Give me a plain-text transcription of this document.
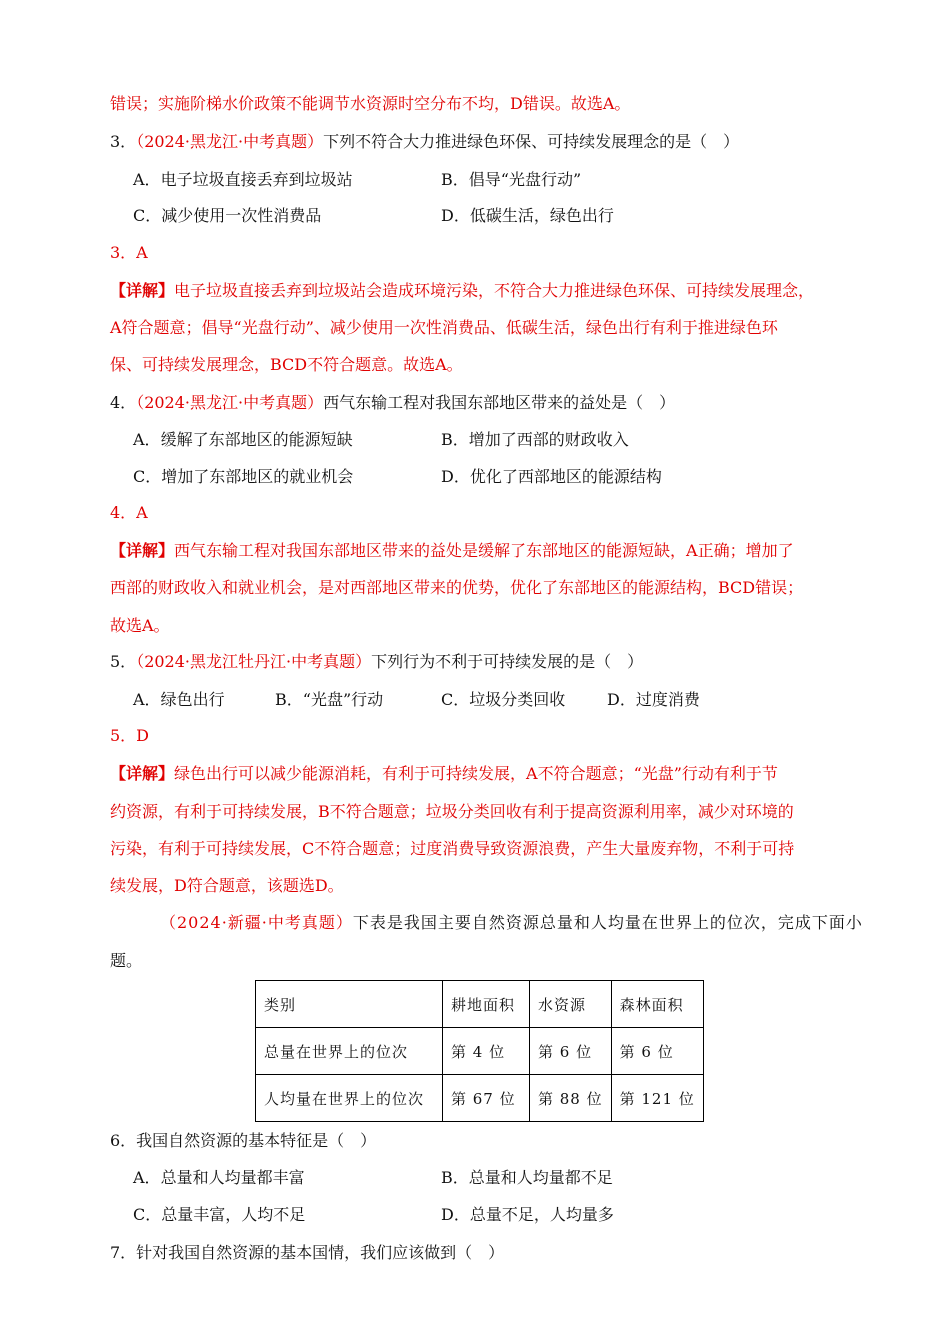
错误；实施阶梯水价政策不能调节水资源时空分布不均，D错误。故选A。
3．（2024·黑龙江·中考真题）下列不符合大力推进绿色环保、可持续发展理念的是（　）
A．电子垃圾直接丢弃到垃圾站	B．倡导“光盘行动”
C．减少使用一次性消费品	D．低碳生活，绿色出行
3．A
【详解】电子垃圾直接丢弃到垃圾站会造成环境污染，不符合大力推进绿色环保、可持续发展理念，
A符合题意；倡导“光盘行动”、减少使用一次性消费品、低碳生活，绿色出行有利于推进绿色环
保、可持续发展理念，BCD不符合题意。故选A。
4．（2024·黑龙江·中考真题）西气东输工程对我国东部地区带来的益处是（　）
A．缓解了东部地区的能源短缺	B．增加了西部的财政收入
C．增加了东部地区的就业机会	D．优化了西部地区的能源结构
4．A
【详解】西气东输工程对我国东部地区带来的益处是缓解了东部地区的能源短缺，A正确；增加了
西部的财政收入和就业机会，是对西部地区带来的优势，优化了东部地区的能源结构，BCD错误；
故选A。
5．（2024·黑龙江牡丹江·中考真题）下列行为不利于可持续发展的是（　）
A．绿色出行	B．“光盘”行动	C．垃圾分类回收	D．过度消费
5．D
【详解】绿色出行可以减少能源消耗，有利于可持续发展，A不符合题意；“光盘”行动有利于节
约资源，有利于可持续发展，B不符合题意；垃圾分类回收有利于提高资源利用率，减少对环境的
污染，有利于可持续发展，C不符合题意；过度消费导致资源浪费，产生大量废弃物，不利于可持
续发展，D符合题意，该题选D。
（2024·新疆·中考真题）下表是我国主要自然资源总量和人均量在世界上的位次，完成下面小
题。
类别	耕地面积	水资源	森林面积
总量在世界上的位次	第 4 位	第 6 位	第 6 位
人均量在世界上的位次	第 67 位	第 88 位	第 121 位
6．我国自然资源的基本特征是（　）
A．总量和人均量都丰富	B．总量和人均量都不足
C．总量丰富，人均不足	D．总量不足，人均量多
7．针对我国自然资源的基本国情，我们应该做到（　）
